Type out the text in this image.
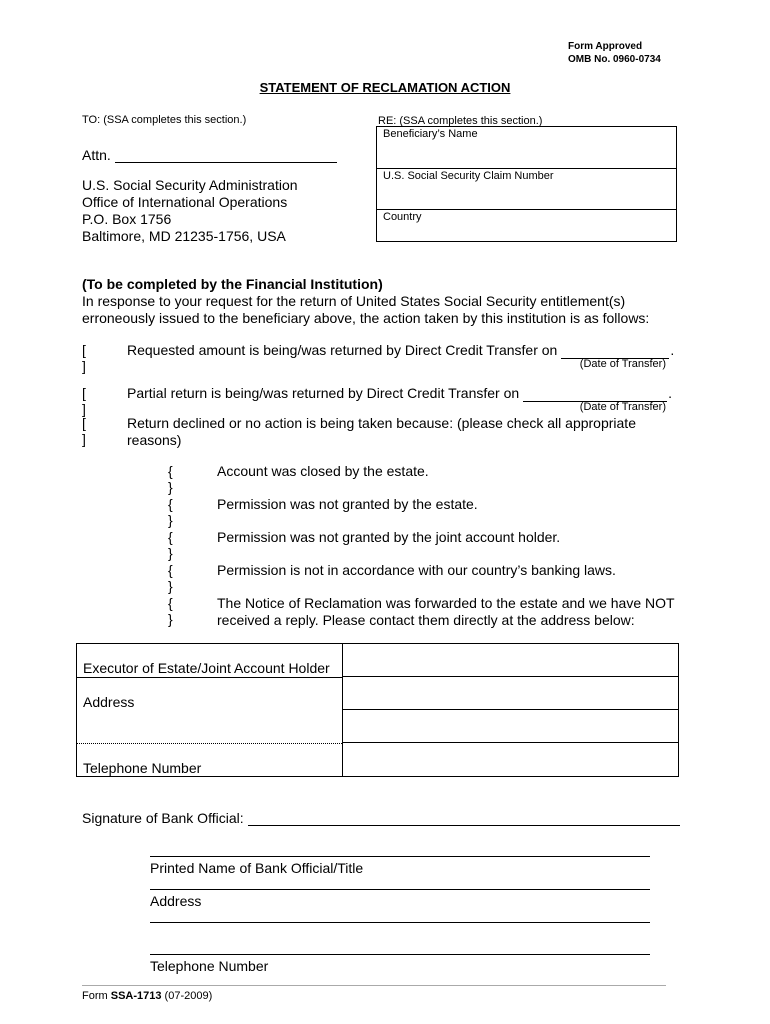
Form Approved
OMB No. 0960-0734
STATEMENT OF RECLAMATION ACTION
TO: (SSA completes this section.)
Attn.
U.S. Social Security Administration
Office of International Operations
P.O. Box 1756
Baltimore, MD 21235-1756, USA
RE: (SSA completes this section.)
Beneficiary’s Name
U.S. Social Security Claim Number
Country
(To be completed by the Financial Institution)
In response to your request for the return of United States Social Security entitlement(s)
erroneously issued to the beneficiary above, the action taken by this institution is as follows:
[ ]
Requested amount is being/was returned by Direct Credit Transfer on	.
(Date of Transfer)
[ ]
Partial return is being/was returned by Direct Credit Transfer on	.
(Date of Transfer)
[ ]
Return declined or no action is being taken because: (please check all appropriate
reasons)
{ }
Account was closed by the estate.
{ }
Permission was not granted by the estate.
{ }
Permission was not granted by the joint account holder.
{ }
Permission is not in accordance with our country’s banking laws.
{ }
The Notice of Reclamation was forwarded to the estate and we have NOT
received a reply. Please contact them directly at the address below:
Executor of Estate/Joint Account Holder
Address
Telephone Number
Signature of Bank Official:
Printed Name of Bank Official/Title
Address
Telephone Number
Form SSA-1713 (07-2009)
